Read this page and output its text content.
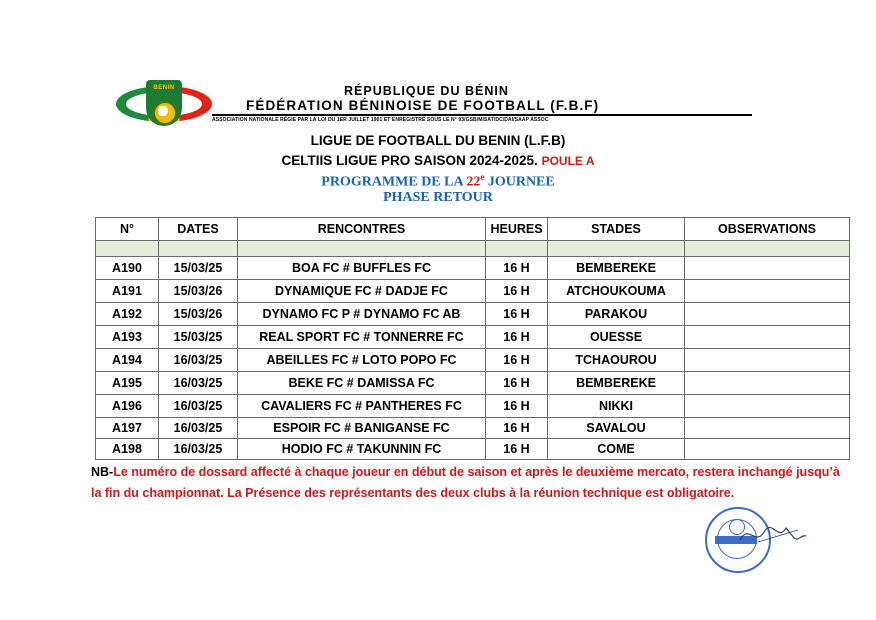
BENIN	RÉPUBLIQUE DU BÉNIN
FÉDÉRATION BÉNINOISE DE FOOTBALL (F.B.F)
ASSOCIATION NATIONALE RÉGIE PAR LA LOI DU 1ER JUILLET 1901 ET ENREGISTRÉ SOUS LE N° 93/GSB/MISAT/DC/DAI/SAAP ASSOC
LIGUE DE FOOTBALL DU BENIN (L.F.B)
CELTIIS LIGUE PRO SAISON 2024-2025. POULE A
PROGRAMME DE LA 22e JOURNEE
PHASE RETOUR
N°	DATES	RENCONTRES	HEURES	STADES	OBSERVATIONS

A190	15/03/25	BOA FC # BUFFLES FC	16 H	BEMBEREKE	
A191	15/03/26	DYNAMIQUE FC # DADJE FC	16 H	ATCHOUKOUMA	
A192	15/03/26	DYNAMO FC P # DYNAMO FC AB	16 H	PARAKOU	
A193	15/03/25	REAL SPORT FC # TONNERRE FC	16 H	OUESSE	
A194	16/03/25	ABEILLES FC # LOTO POPO FC	16 H	TCHAOUROU	
A195	16/03/25	BEKE FC # DAMISSA FC	16 H	BEMBEREKE	
A196	16/03/25	CAVALIERS FC # PANTHERES FC	16 H	NIKKI	
A197	16/03/25	ESPOIR FC # BANIGANSE FC	16 H	SAVALOU	
A198	16/03/25	HODIO FC # TAKUNNIN FC	16 H	COME	
NB-Le numéro de dossard affecté à chaque joueur en début de saison et après le deuxième mercato, restera inchangé jusqu’à la fin du championnat. La Présence des représentants des deux clubs à la réunion technique est obligatoire.
